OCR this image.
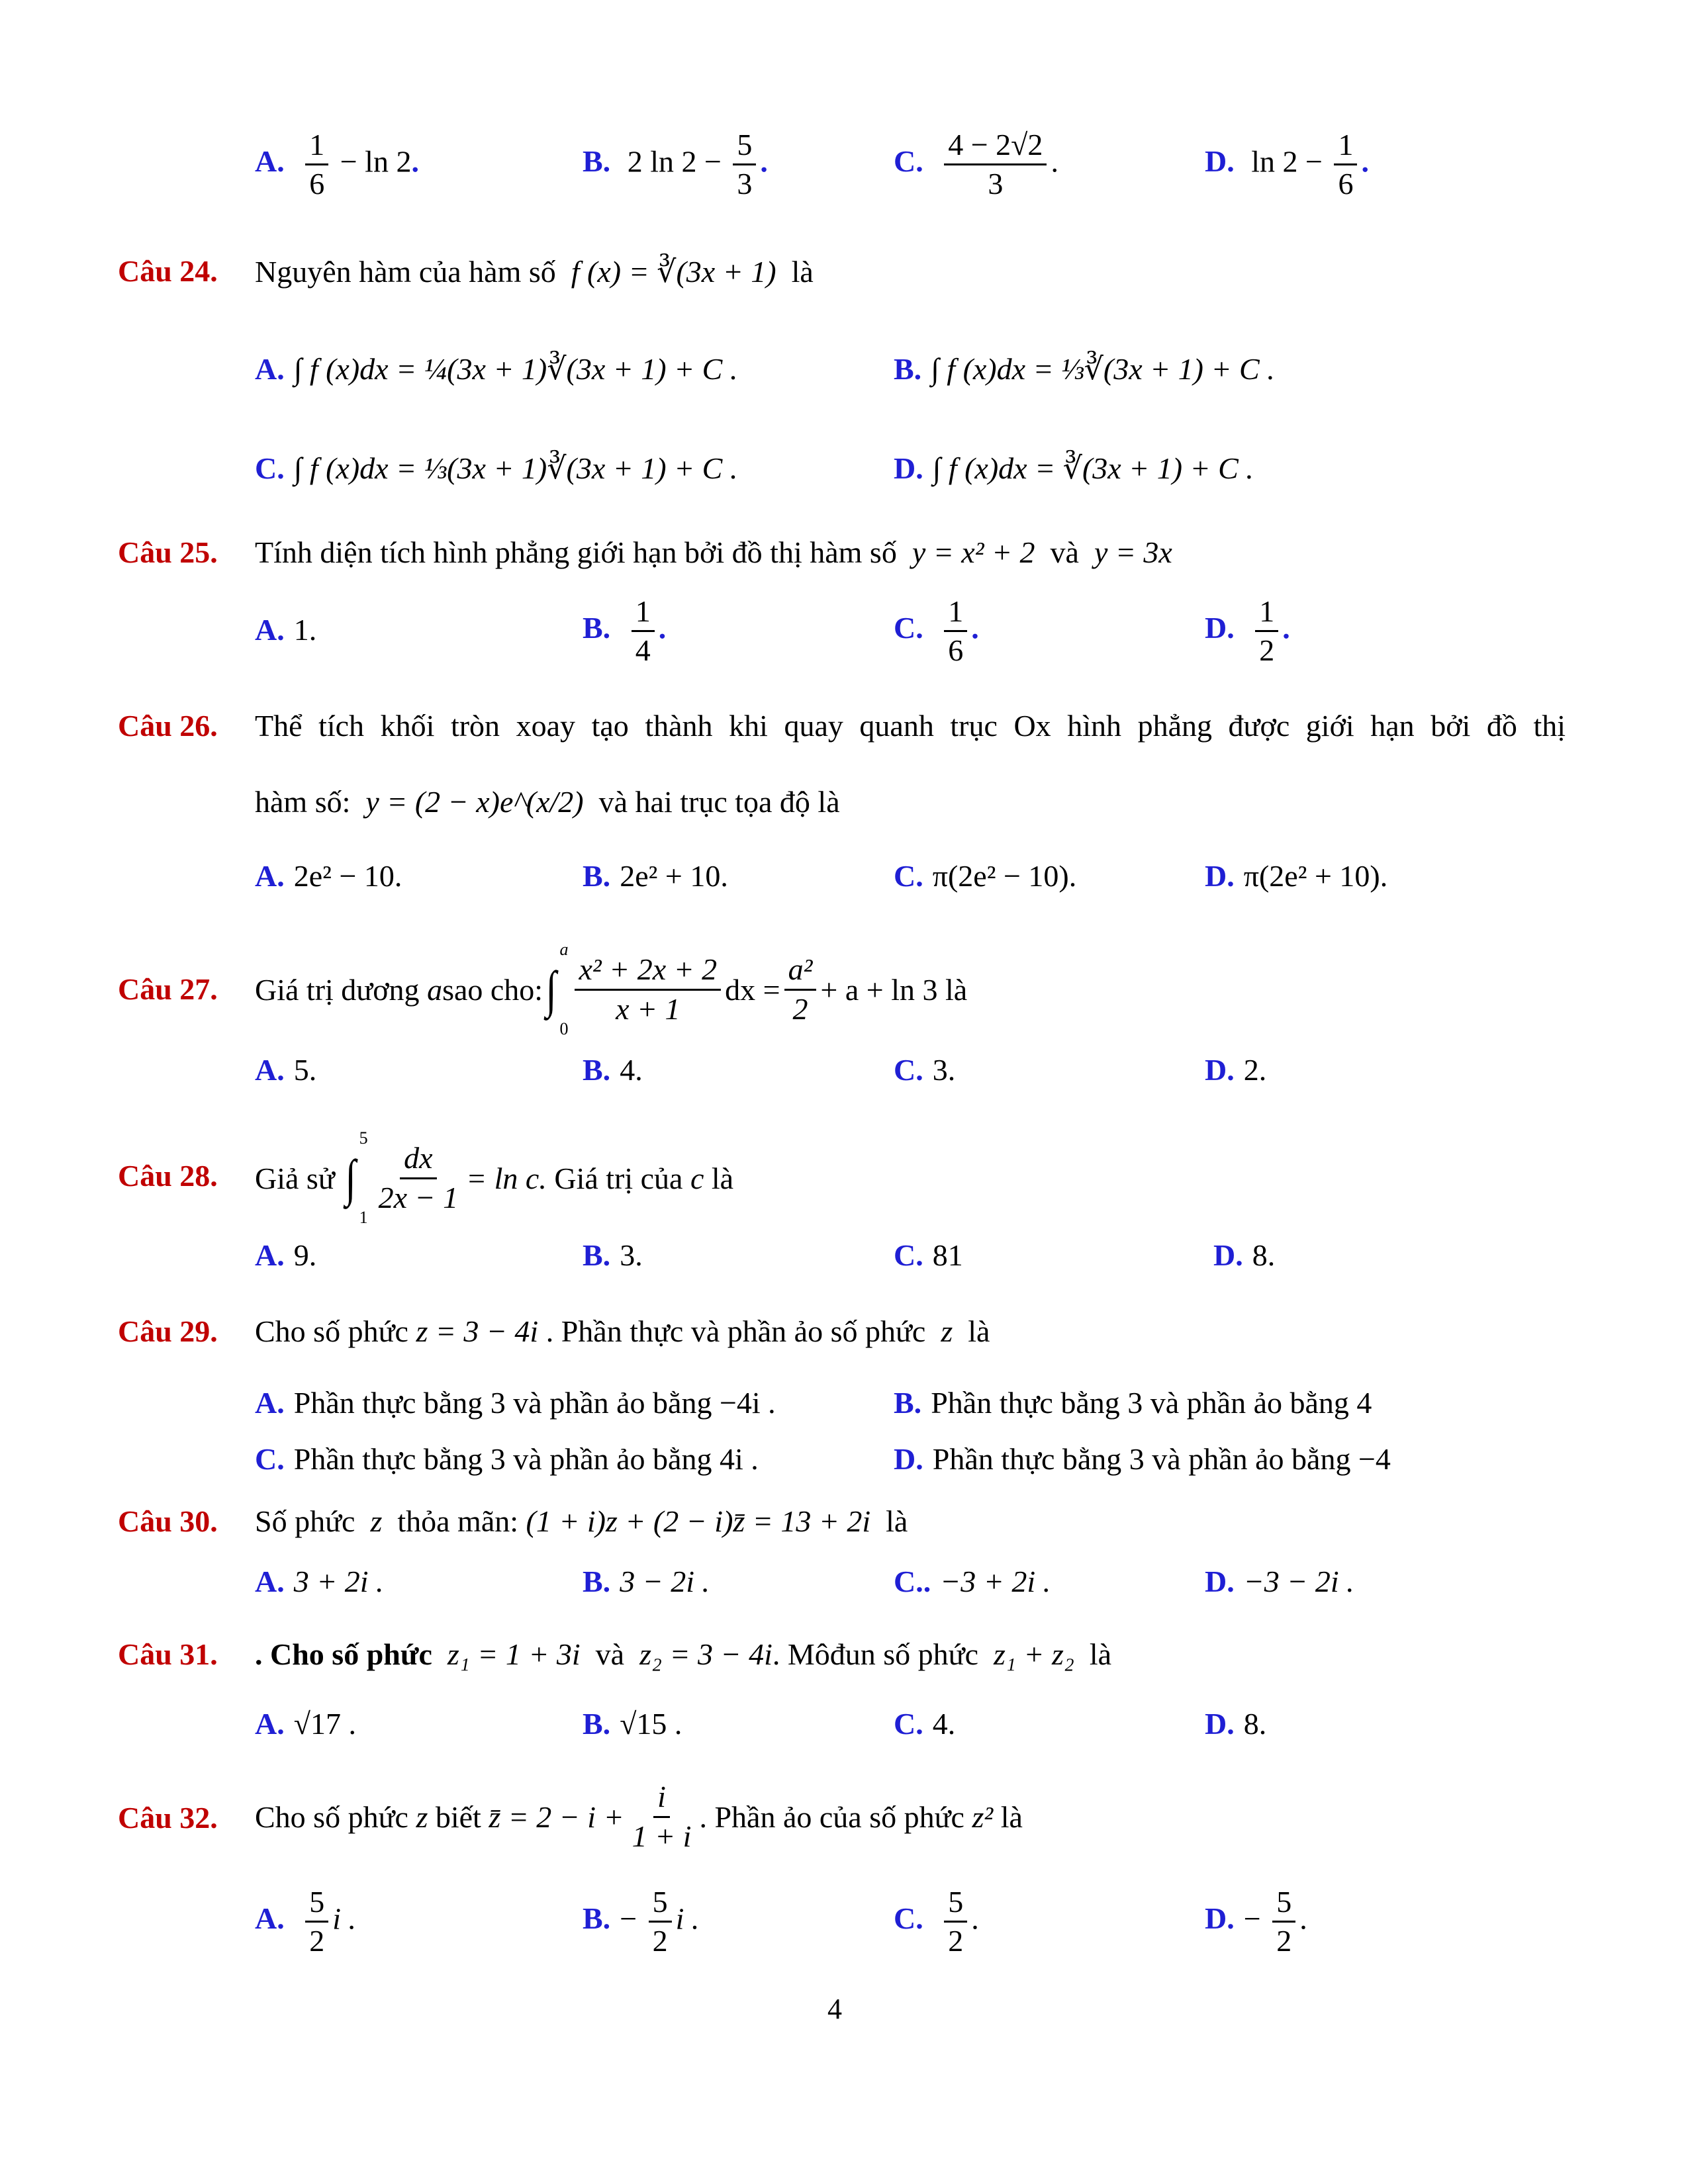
A. $\frac{1}{6} - \ln 2$.	B. 2 $\ln 2 - \frac{5}{3}$ .	C. $\frac{4 - 2√2}{3}$ .	D. $\ln 2 - \frac{1}{6}$ .
Câu 24. Nguyên hàm của hàm số f (x) = ∛(3x + 1) là
A. ∫ f (x)dx = ¼(3x + 1)∛(3x + 1) + C .	B. ∫ f (x)dx = ⅓∛(3x + 1) + C .
C. ∫ f (x)dx = ⅓(3x + 1)∛(3x + 1) + C .	D. ∫ f (x)dx = ∛(3x + 1) + C .
Câu 25. Tính diện tích hình phẳng giới hạn bởi đồ thị hàm số y = x² + 2 và y = 3x
A. 1.	B. $\frac{1}{4}$ .	C. $\frac{1}{6}$ .	D. $\frac{1}{2}$ .
Câu 26. Thể tích khối tròn xoay tạo thành khi quay quanh trục Ox hình phẳng được giới hạn bởi đồ thị
hàm số: y = (2 − x)e^(x/2) và hai trục tọa độ là
A. 2e² − 10.	B. 2e² + 10.	C. π(2e² − 10).	D. π(2e² + 10).
Câu 27. Giá trị dương
a sao cho: ∫
a
0
$\frac{\text{x² + 2x + 2}}{x + 1}$ dx = $\frac{\text{a²}}{2} + a + \ln 3$
là
A. 5.	B. 4.	C. 3.	D. 2.
Câu 28. Giả sử
∫
5
1
$\frac{dx}{2x - 1} = \ln c$.
Giá trị của
c
là
A. 9.	B. 3.	C. 81	D. 8.
Câu 29. Cho số phức z = 3 − 4i . Phần thực và phần ảo số phức z là
A. Phần thực bằng 3 và phần ảo bằng −4i .	B. Phần thực bằng 3 và phần ảo bằng 4
C. Phần thực bằng 3 và phần ảo bằng 4i .	D. Phần thực bằng 3 và phần ảo bằng −4
Câu 30. Số phức z thỏa mãn: (1 + i)z + (2 − i)z̄ = 13 + 2i là
A. 3 + 2i .	B. 3 − 2i .	C.. −3 + 2i .	D. −3 − 2i .
Câu 31. . Cho số phức z₁ = 1 + 3i và z₂ = 3 − 4i. Môđun số phức z₁ + z₂ là
A. √17 .	B. √15 .	C. 4.	D. 8.
Câu 32. Cho số phức
z
biết
z̄ = $2 - i + \frac{i}{1 + i}$ . Phần ảo của số phức
z²
là
A. $\frac{5}{2}$ i .	B. − $\frac{5}{2}$ i .	C. $\frac{5}{2}$ .	D. − $\frac{5}{2}$ .
4
